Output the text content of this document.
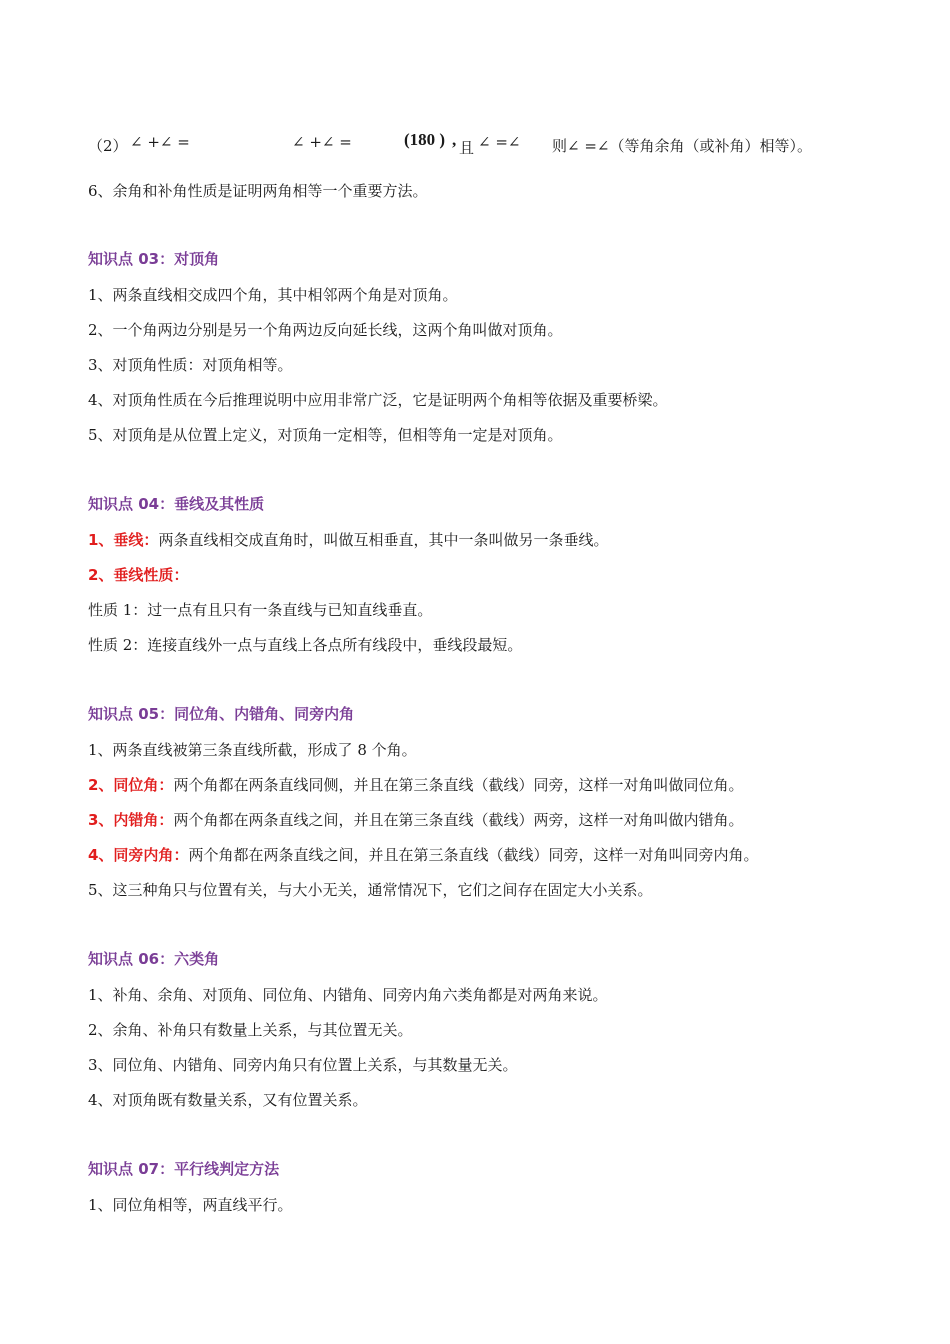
（2） ∠ +∠ =	∠ +∠ =	(180 ) , 且 ∠ =∠ 则∠ =∠（等角余角（或补角）相等）。
6、余角和补角性质是证明两角相等一个重要方法。
知识点 03：对顶角
1、两条直线相交成四个角，其中相邻两个角是对顶角。
2、一个角两边分别是另一个角两边反向延长线，这两个角叫做对顶角。
3、对顶角性质：对顶角相等。
4、对顶角性质在今后推理说明中应用非常广泛，它是证明两个角相等依据及重要桥梁。
5、对顶角是从位置上定义，对顶角一定相等，但相等角一定是对顶角。
知识点 04：垂线及其性质
1、垂线：两条直线相交成直角时，叫做互相垂直，其中一条叫做另一条垂线。
2、垂线性质：
性质 1：过一点有且只有一条直线与已知直线垂直。
性质 2：连接直线外一点与直线上各点所有线段中，垂线段最短。
知识点 05：同位角、内错角、同旁内角
1、两条直线被第三条直线所截，形成了 8 个角。
2、同位角：两个角都在两条直线同侧，并且在第三条直线（截线）同旁，这样一对角叫做同位角。
3、内错角：两个角都在两条直线之间，并且在第三条直线（截线）两旁，这样一对角叫做内错角。
4、同旁内角：两个角都在两条直线之间，并且在第三条直线（截线）同旁，这样一对角叫同旁内角。
5、这三种角只与位置有关，与大小无关，通常情况下，它们之间存在固定大小关系。
知识点 06：六类角
1、补角、余角、对顶角、同位角、内错角、同旁内角六类角都是对两角来说。
2、余角、补角只有数量上关系，与其位置无关。
3、同位角、内错角、同旁内角只有位置上关系，与其数量无关。
4、对顶角既有数量关系，又有位置关系。
知识点 07：平行线判定方法
1、同位角相等，两直线平行。
